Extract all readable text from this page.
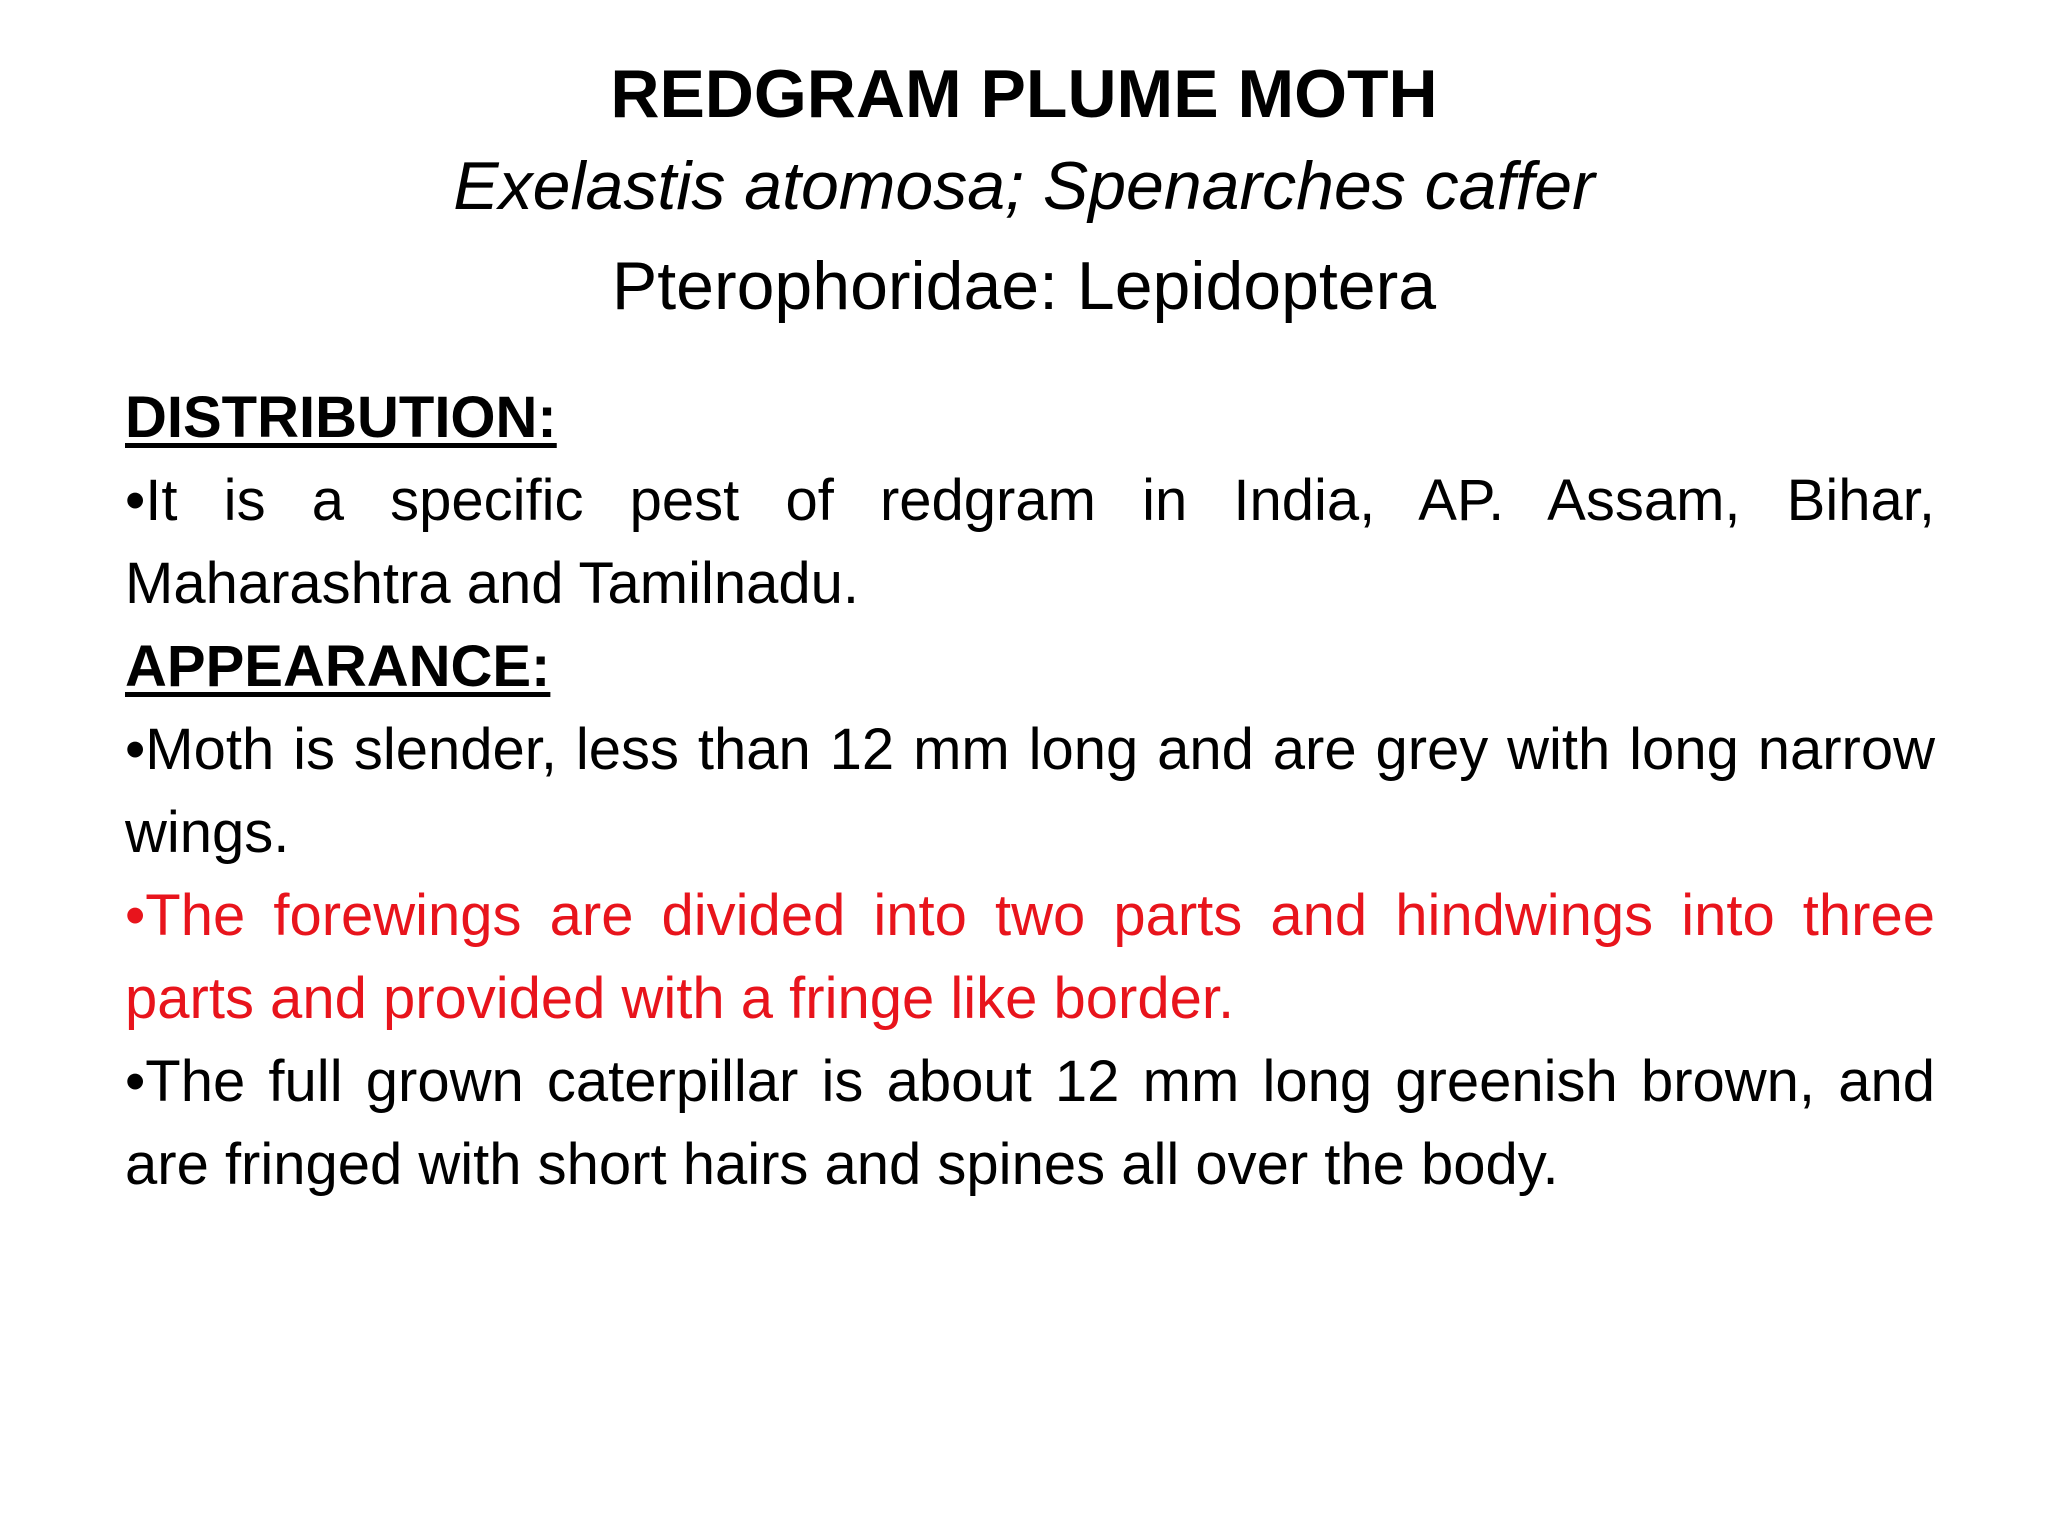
REDGRAM PLUME MOTH

Exelastis atomosa; Spenarches caffer

Pterophoridae: Lepidoptera

DISTRIBUTION:

•It is a specific pest of redgram in India, AP. Assam, Bihar, Maharashtra and Tamilnadu.

APPEARANCE:

•Moth is slender, less than 12 mm long and are grey with long narrow wings.

•The forewings are divided into two parts and hindwings into three parts and provided with a fringe like border.

•The full grown caterpillar is about 12 mm long greenish brown, and are fringed with short hairs and spines all over the body.
